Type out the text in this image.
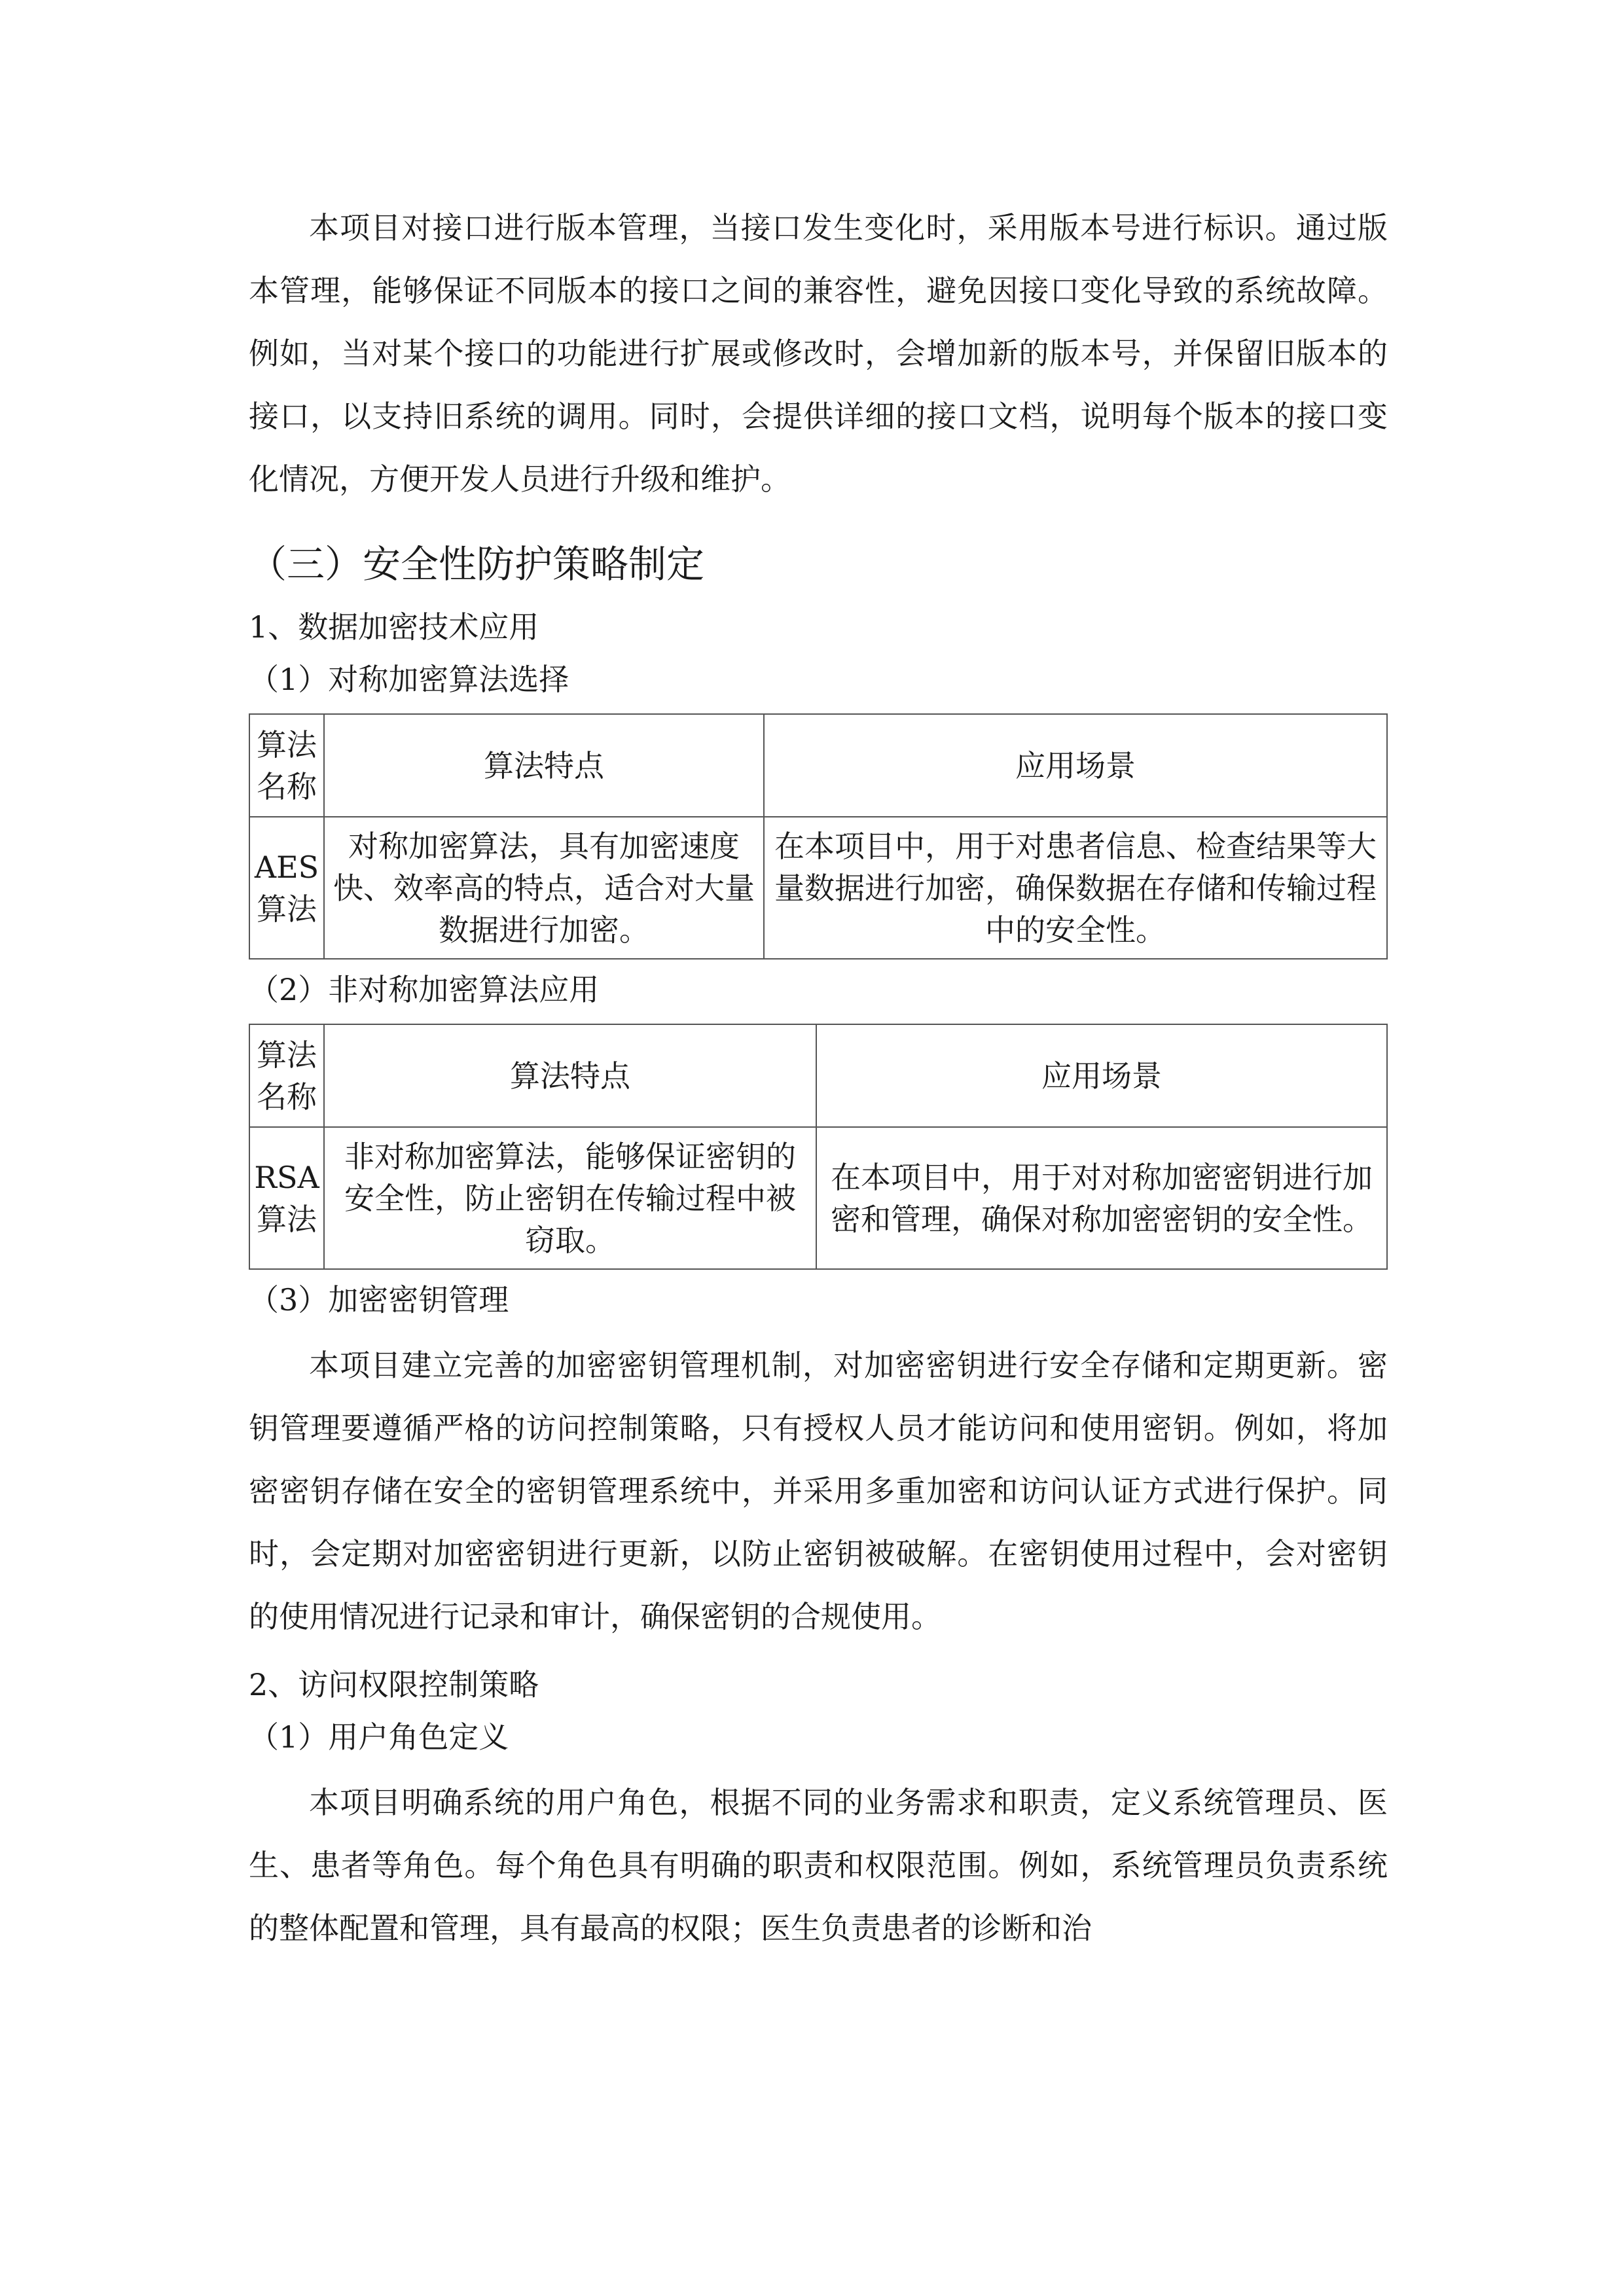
本项目对接口进行版本管理，当接口发生变化时，采用版本号进行标识。通过版本管理，能够保证不同版本的接口之间的兼容性，避免因接口变化导致的系统故障。例如，当对某个接口的功能进行扩展或修改时，会增加新的版本号，并保留旧版本的接口，以支持旧系统的调用。同时，会提供详细的接口文档，说明每个版本的接口变化情况，方便开发人员进行升级和维护。

（三）安全性防护策略制定
1、数据加密技术应用
（1）对称加密算法选择
算法名称	算法特点	应用场景
AES算法	对称加密算法，具有加密速度快、效率高的特点，适合对大量数据进行加密。	在本项目中，用于对患者信息、检查结果等大量数据进行加密，确保数据在存储和传输过程中的安全性。
（2）非对称加密算法应用
算法名称	算法特点	应用场景
RSA算法	非对称加密算法，能够保证密钥的安全性，防止密钥在传输过程中被窃取。	在本项目中，用于对对称加密密钥进行加密和管理，确保对称加密密钥的安全性。
（3）加密密钥管理

本项目建立完善的加密密钥管理机制，对加密密钥进行安全存储和定期更新。密钥管理要遵循严格的访问控制策略，只有授权人员才能访问和使用密钥。例如，将加密密钥存储在安全的密钥管理系统中，并采用多重加密和访问认证方式进行保护。同时，会定期对加密密钥进行更新，以防止密钥被破解。在密钥使用过程中，会对密钥的使用情况进行记录和审计，确保密钥的合规使用。

2、访问权限控制策略
（1）用户角色定义

本项目明确系统的用户角色，根据不同的业务需求和职责，定义系统管理员、医生、患者等角色。每个角色具有明确的职责和权限范围。例如，系统管理员负责系统的整体配置和管理，具有最高的权限；医生负责患者的诊断和治
